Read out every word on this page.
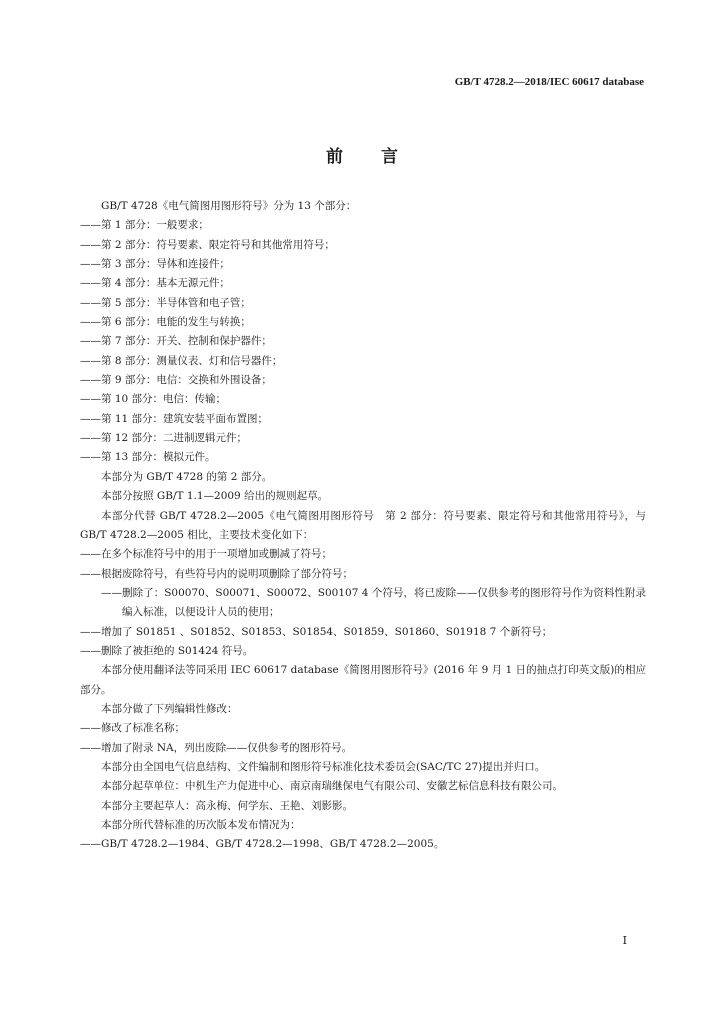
GB/T 4728.2—2018/IEC 60617 database
前言

GB/T 4728《电气简图用图形符号》分为 13 个部分：

——第 1 部分：一般要求；

——第 2 部分：符号要素、限定符号和其他常用符号；

——第 3 部分：导体和连接件；

——第 4 部分：基本无源元件；

——第 5 部分：半导体管和电子管；

——第 6 部分：电能的发生与转换；

——第 7 部分：开关、控制和保护器件；

——第 8 部分：测量仪表、灯和信号器件；

——第 9 部分：电信：交换和外围设备；

——第 10 部分：电信：传输；

——第 11 部分：建筑安装平面布置图；

——第 12 部分：二进制逻辑元件；

——第 13 部分：模拟元件。

本部分为 GB/T 4728 的第 2 部分。

本部分按照 GB/T 1.1—2009 给出的规则起草。

本部分代替 GB/T 4728.2—2005《电气简图用图形符号　第 2 部分：符号要素、限定符号和其他常用符号》，与 GB/T 4728.2—2005 相比，主要技术变化如下：

——在多个标准符号中的用于一项增加或删减了符号；

——根据废除符号，有些符号内的说明项删除了部分符号；

——删除了：S00070、S00071、S00072、S00107 4 个符号，将已废除——仅供参考的图形符号作为资料性附录编入标准，以便设计人员的使用；

——增加了 S01851 、S01852、S01853、S01854、S01859、S01860、S01918 7 个新符号；

——删除了被拒绝的 S01424 符号。

本部分使用翻译法等同采用 IEC 60617 database《简图用图形符号》(2016 年 9 月 1 日的抽点打印英文版)的相应部分。

本部分做了下列编辑性修改：

——修改了标准名称；

——增加了附录 NA，列出废除——仅供参考的图形符号。

本部分由全国电气信息结构、文件编制和图形符号标准化技术委员会(SAC/TC 27)提出并归口。

本部分起草单位：中机生产力促进中心、南京南瑞继保电气有限公司、安徽艺标信息科技有限公司。

本部分主要起草人：高永梅、何学东、王艳、刘影影。

本部分所代替标准的历次版本发布情况为：

——GB/T 4728.2—1984、GB/T 4728.2—1998、GB/T 4728.2—2005。

I
